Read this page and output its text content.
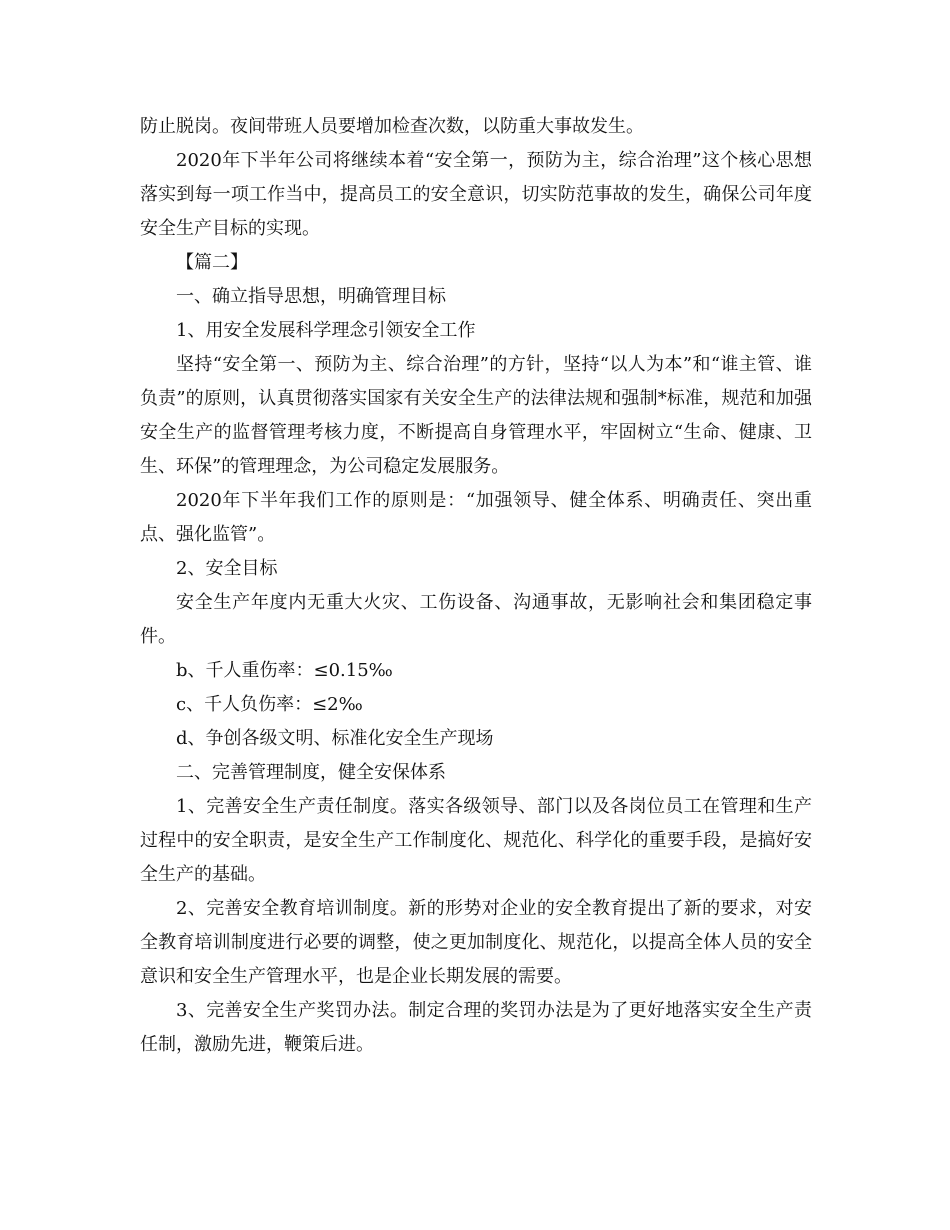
防止脱岗。夜间带班人员要增加检查次数，以防重大事故发生。

2020年下半年公司将继续本着“安全第一，预防为主，综合治理”这个核心思想落实到每一项工作当中，提高员工的安全意识，切实防范事故的发生，确保公司年度安全生产目标的实现。

【篇二】

一、确立指导思想，明确管理目标

1、用安全发展科学理念引领安全工作

坚持“安全第一、预防为主、综合治理”的方针，坚持“以人为本”和“谁主管、谁负责”的原则，认真贯彻落实国家有关安全生产的法律法规和强制*标准，规范和加强安全生产的监督管理考核力度，不断提高自身管理水平，牢固树立“生命、健康、卫生、环保”的管理理念，为公司稳定发展服务。

2020年下半年我们工作的原则是：“加强领导、健全体系、明确责任、突出重点、强化监管”。

2、安全目标

安全生产年度内无重大火灾、工伤设备、沟通事故，无影响社会和集团稳定事件。

b、千人重伤率：≤0.15‰

c、千人负伤率：≤2‰

d、争创各级文明、标准化安全生产现场

二、完善管理制度，健全安保体系

1、完善安全生产责任制度。落实各级领导、部门以及各岗位员工在管理和生产过程中的安全职责，是安全生产工作制度化、规范化、科学化的重要手段，是搞好安全生产的基础。

2、完善安全教育培训制度。新的形势对企业的安全教育提出了新的要求，对安全教育培训制度进行必要的调整，使之更加制度化、规范化，以提高全体人员的安全意识和安全生产管理水平，也是企业长期发展的需要。

3、完善安全生产奖罚办法。制定合理的奖罚办法是为了更好地落实安全生产责任制，激励先进，鞭策后进。
